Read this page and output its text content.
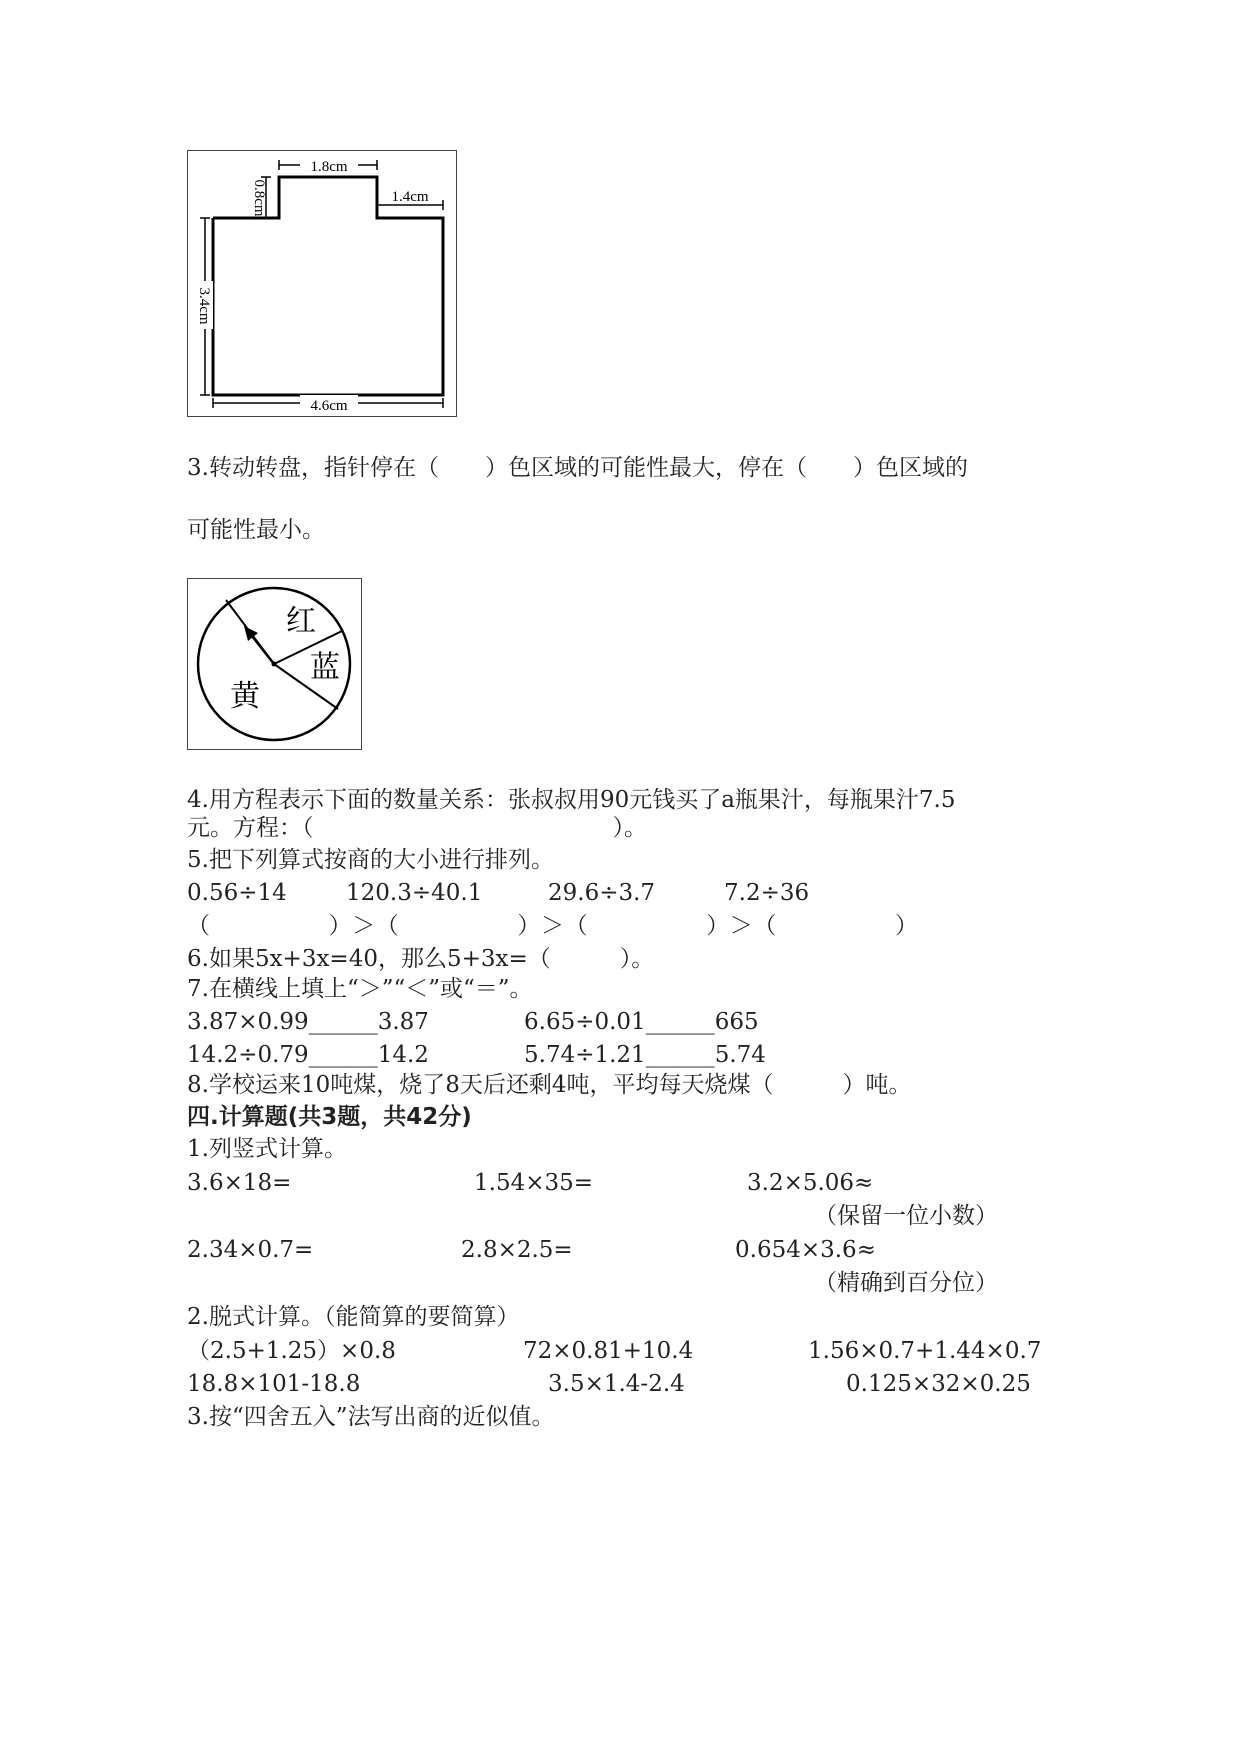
1.8cm
0.8cm	1.4cm
3.4cm
4.6cm
3.转动转盘，指针停在（　　）色区域的可能性最大，停在（　　）色区域的
可能性最小。
红
蓝
黄
4.用方程表示下面的数量关系：张叔叔用90元钱买了a瓶果汁，每瓶果汁7.5
元。方程：（　　　　　　　　　　　　　）。
5.把下列算式按商的大小进行排列。
0.56÷14	120.3÷40.1	29.6÷3.7	7.2÷36
（　　　　　）＞（　　　　　）＞（　　　　　）＞（　　　　　）
6.如果5x+3x=40，那么5+3x=（　　　）。
7.在横线上填上“＞”“＜”或“＝”。
3.87×0.99______3.87	6.65÷0.01______665
14.2÷0.79______14.2	5.74÷1.21______5.74
8.学校运来10吨煤，烧了8天后还剩4吨，平均每天烧煤（　　　）吨。
四.计算题(共3题，共42分)
1.列竖式计算。
3.6×18=	1.54×35=	3.2×5.06≈
（保留一位小数）
2.34×0.7=	2.8×2.5=	0.654×3.6≈
（精确到百分位）
2.脱式计算。（能简算的要简算）
（2.5+1.25）×0.8	72×0.81+10.4	1.56×0.7+1.44×0.7
18.8×101-18.8	3.5×1.4-2.4	0.125×32×0.25
3.按“四舍五入”法写出商的近似值。
